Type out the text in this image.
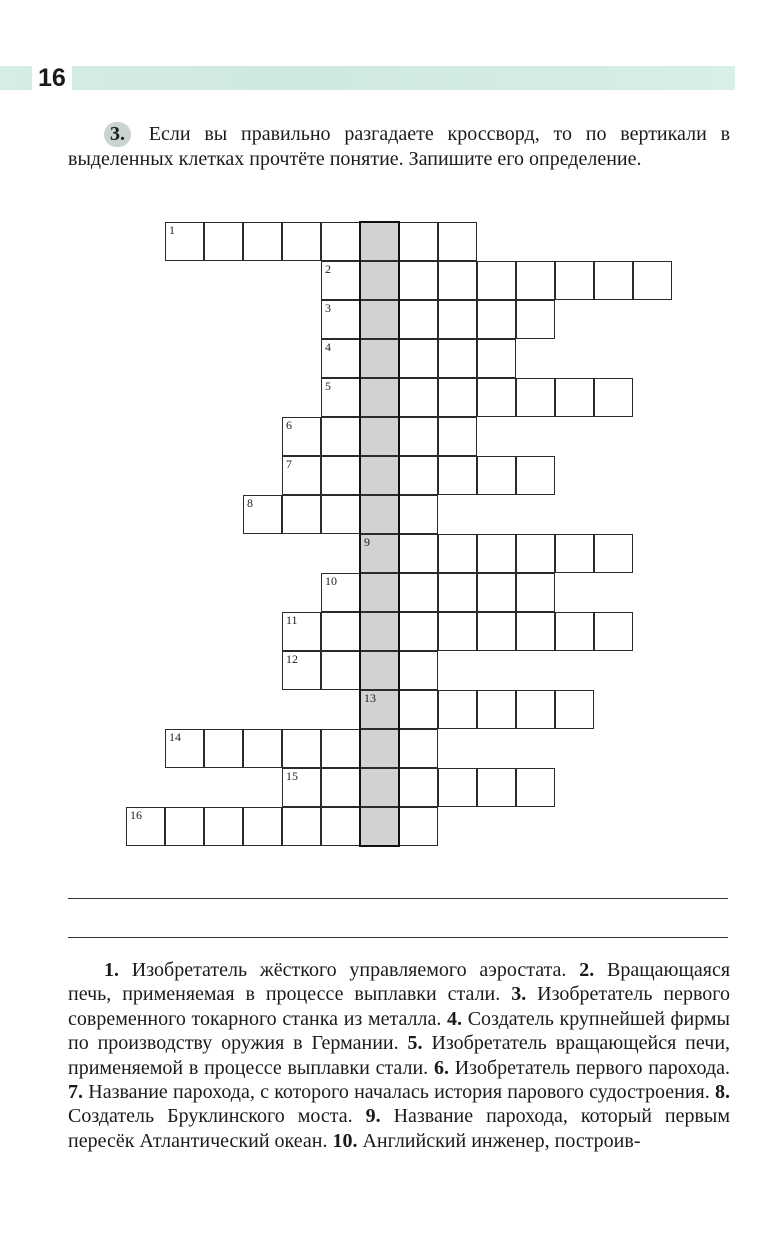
16
3. Если вы правильно разгадаете кроссворд, то по вертикали в выделенных клетках прочтёте понятие. Запишите его определение.
1
2
3
4
5
6
7
8
9
10
11
12
13
14
15
16

1. Изобретатель жёсткого управляемого аэростата. 2. Вращающаяся печь, применяемая в процессе выплавки стали. 3. Изобретатель первого современного токарного станка из металла. 4. Создатель крупнейшей фирмы по производству оружия в Германии. 5. Изобретатель вращающейся печи, применяемой в процессе выплавки стали. 6. Изобретатель первого парохода. 7. Название парохода, с которого началась история парового судостроения. 8. Создатель Бруклинского моста. 9. Название парохода, который первым пересёк Атлантический океан. 10. Английский инженер, построив-
